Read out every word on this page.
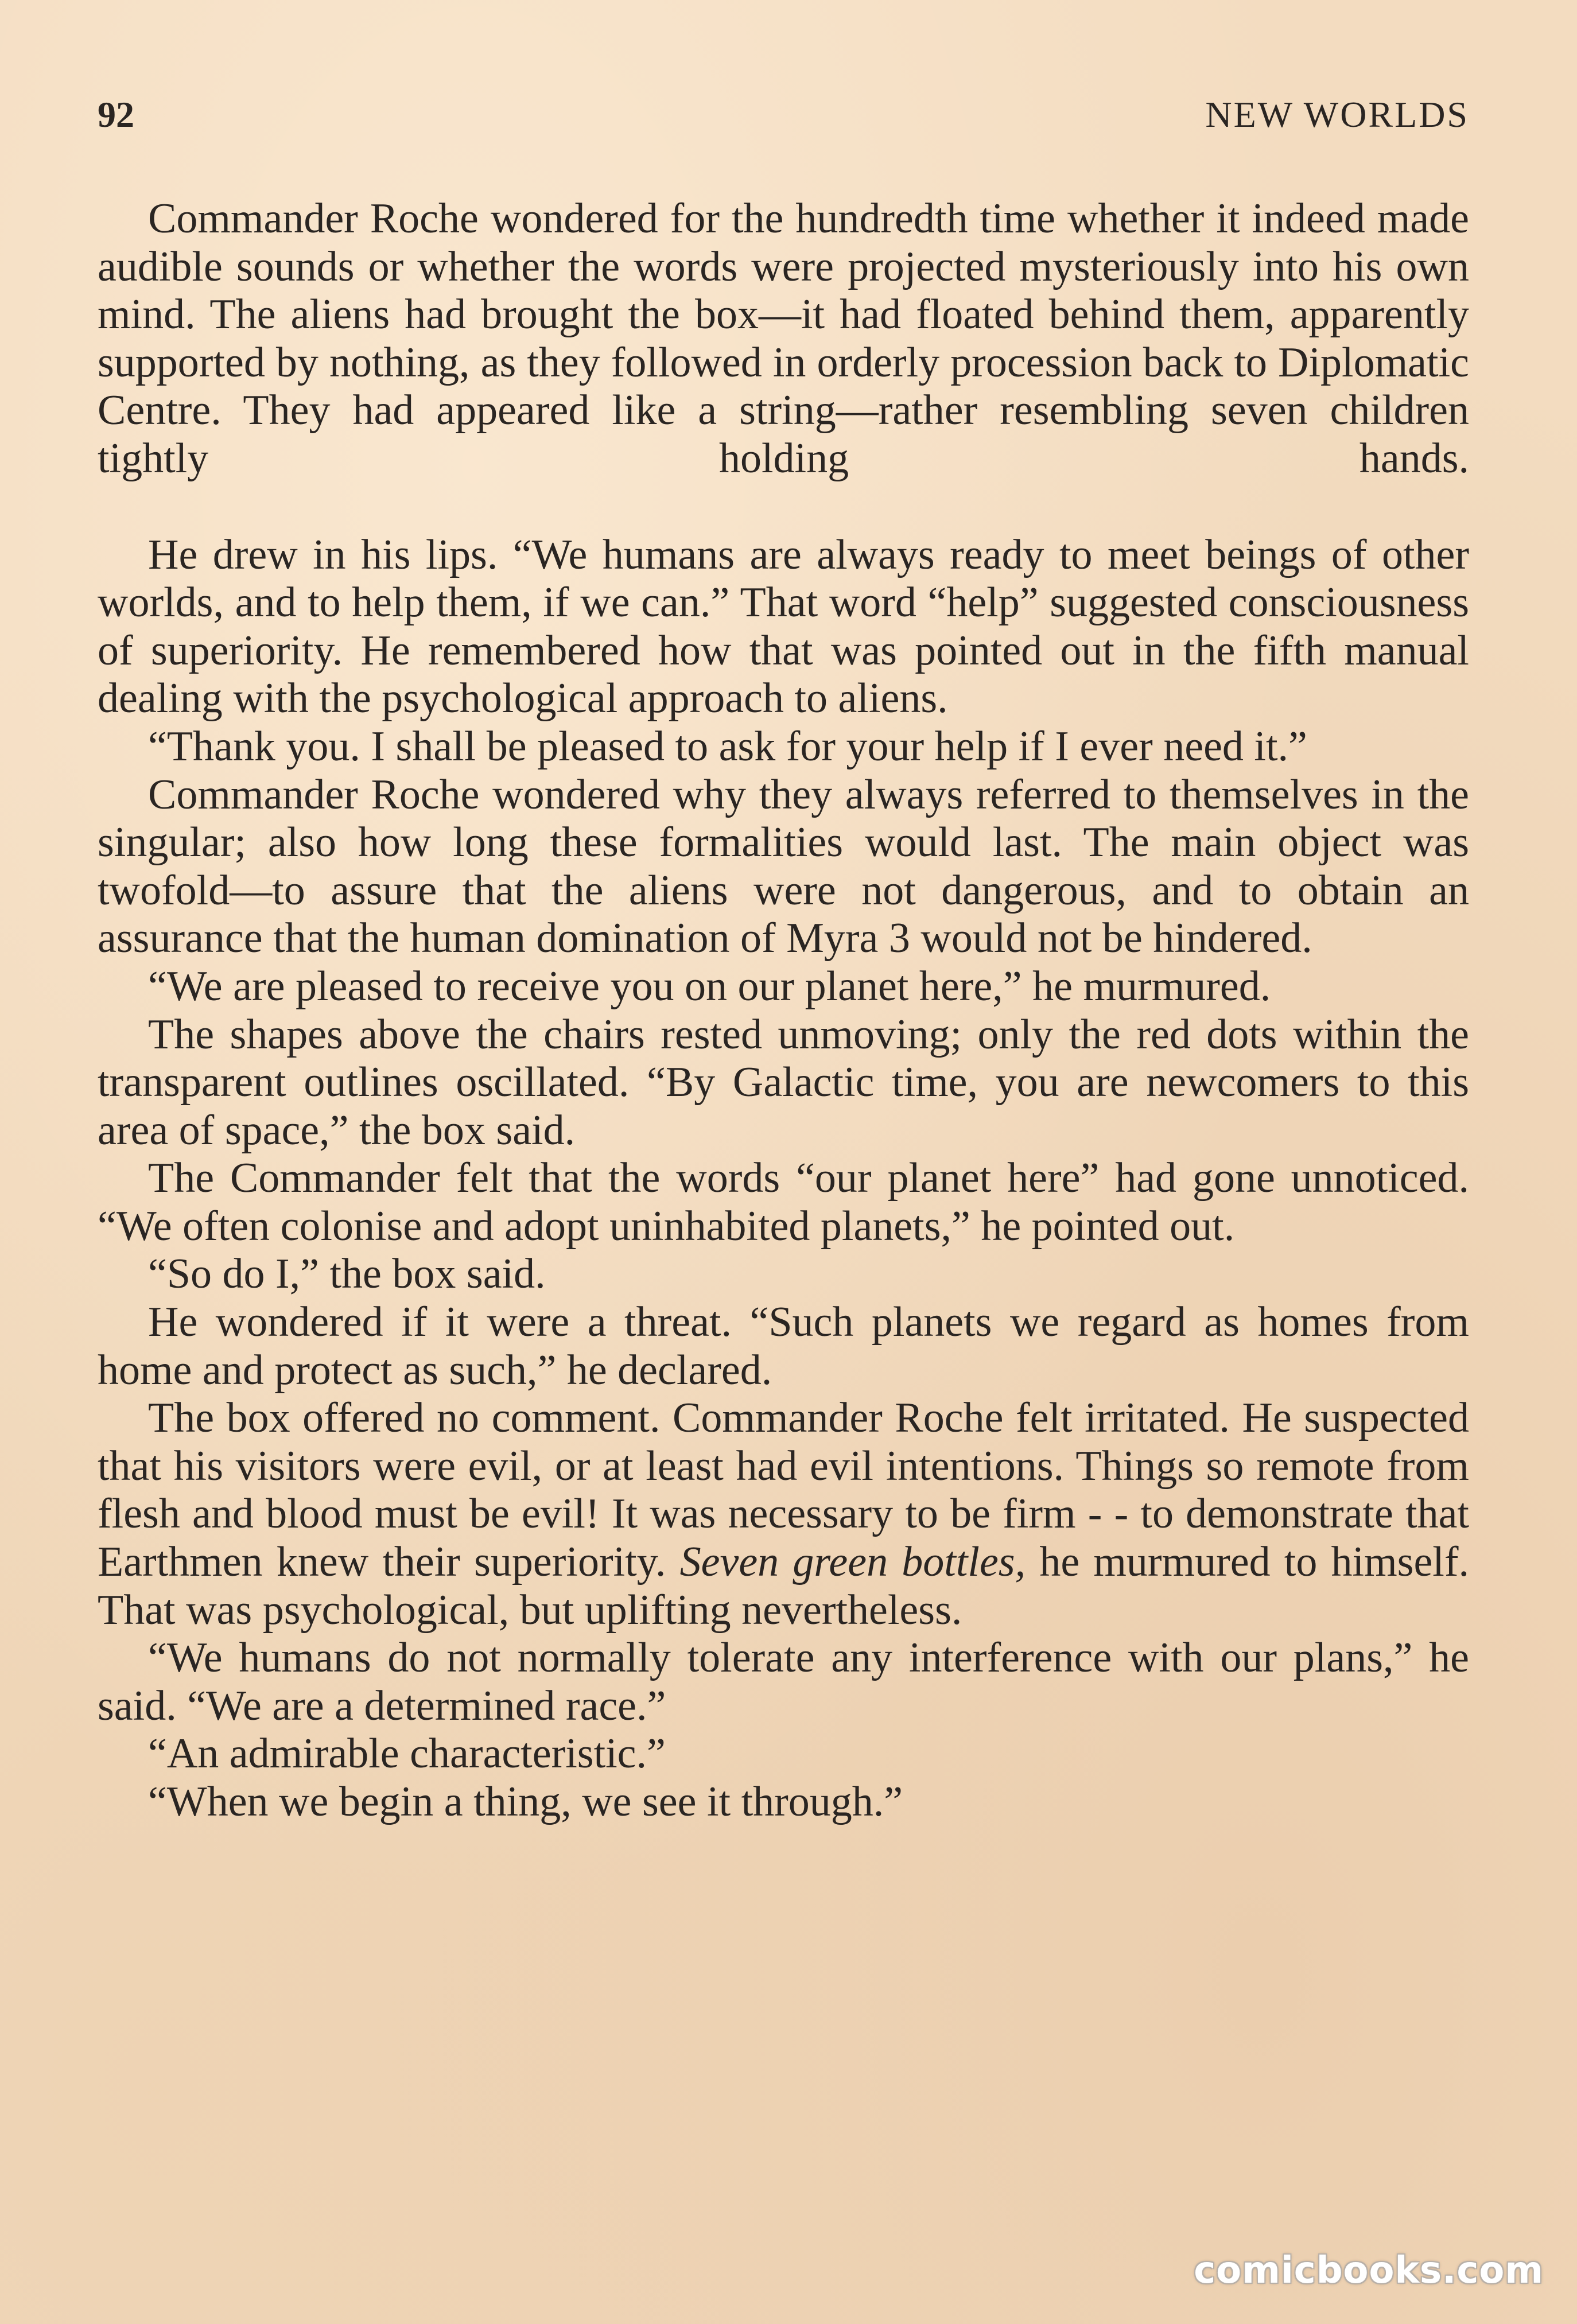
92	NEW WORLDS

Commander Roche wondered for the hundredth time whether it indeed made audible sounds or whether the words were projected mysteriously into his own mind. The aliens had brought the box—it had floated behind them, apparently supported by nothing, as they followed in orderly procession back to Diplomatic Centre. They had appeared like a string—rather resembling seven children tightly holding hands.

He drew in his lips. “We humans are always ready to meet beings of other worlds, and to help them, if we can.” That word “help” suggested consciousness of superiority. He remembered how that was pointed out in the fifth manual dealing with the psychological approach to aliens.

“Thank you. I shall be pleased to ask for your help if I ever need it.”

Commander Roche wondered why they always referred to themselves in the singular; also how long these formalities would last. The main object was twofold—to assure that the aliens were not dangerous, and to obtain an assurance that the human domination of Myra 3 would not be hindered.

“We are pleased to receive you on our planet here,” he murmured.

The shapes above the chairs rested unmoving; only the red dots within the transparent outlines oscillated. “By Galactic time, you are newcomers to this area of space,” the box said.

The Commander felt that the words “our planet here” had gone unnoticed. “We often colonise and adopt uninhabited planets,” he pointed out.

“So do I,” the box said.

He wondered if it were a threat. “Such planets we regard as homes from home and protect as such,” he declared.

The box offered no comment. Commander Roche felt irritated. He suspected that his visitors were evil, or at least had evil intentions. Things so remote from flesh and blood must be evil! It was necessary to be firm - - to demonstrate that Earthmen knew their superiority. Seven green bottles, he murmured to himself. That was psychological, but uplifting nevertheless.

“We humans do not normally tolerate any interference with our plans,” he said. “We are a determined race.”

“An admirable characteristic.”

“When we begin a thing, we see it through.”

comicbooks.com
